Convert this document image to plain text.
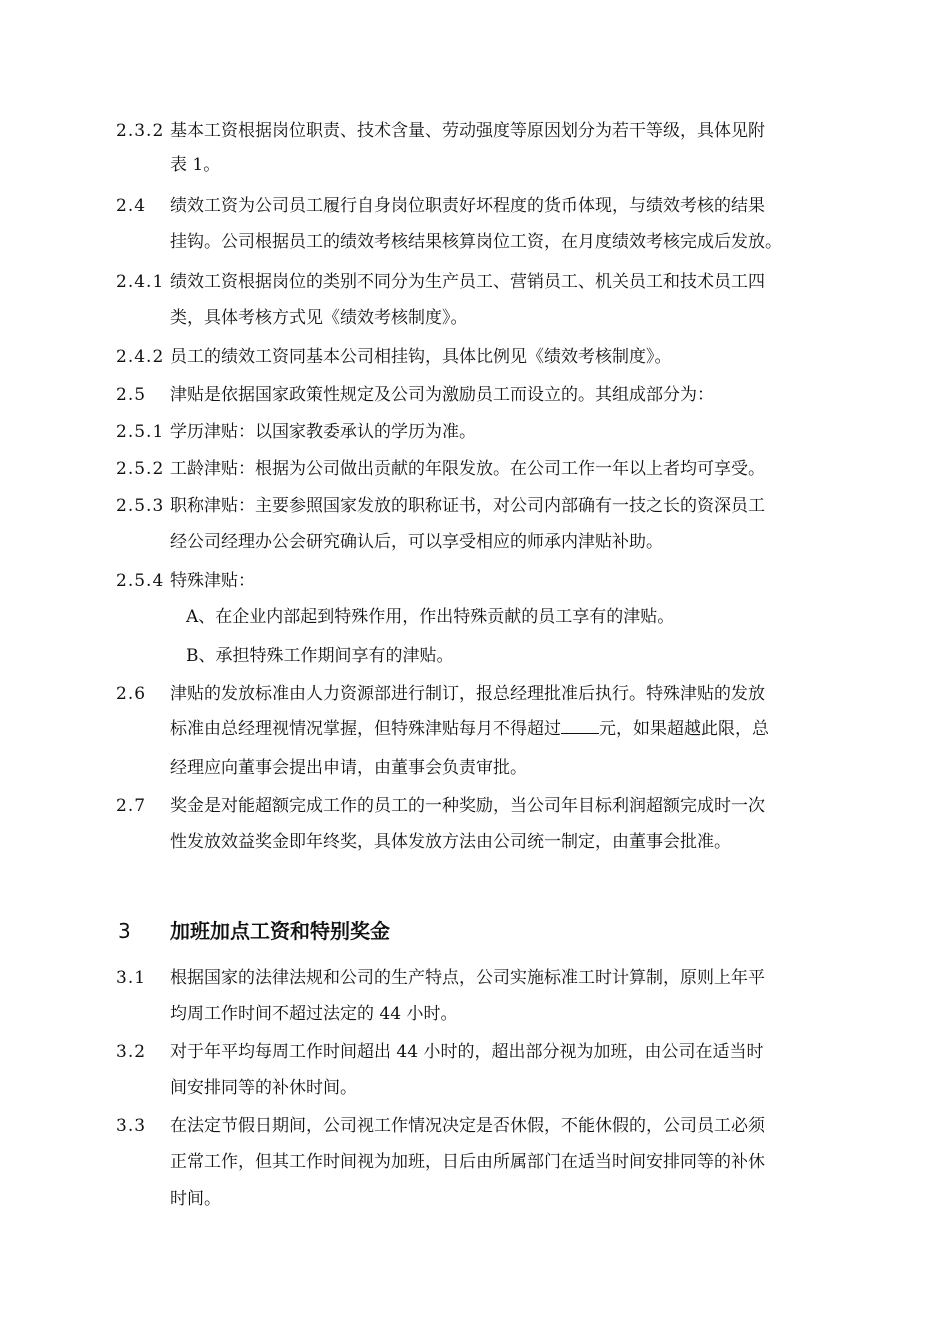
2.3.2 基本工资根据岗位职责、技术含量、劳动强度等原因划分为若干等级，具体见附
表 1。
2.4 绩效工资为公司员工履行自身岗位职责好坏程度的货币体现，与绩效考核的结果
挂钩。公司根据员工的绩效考核结果核算岗位工资，在月度绩效考核完成后发放。
2.4.1 绩效工资根据岗位的类别不同分为生产员工、营销员工、机关员工和技术员工四
类，具体考核方式见《绩效考核制度》。
2.4.2 员工的绩效工资同基本公司相挂钩，具体比例见《绩效考核制度》。
2.5 津贴是依据国家政策性规定及公司为激励员工而设立的。其组成部分为：
2.5.1 学历津贴：以国家教委承认的学历为准。
2.5.2 工龄津贴：根据为公司做出贡献的年限发放。在公司工作一年以上者均可享受。
2.5.3 职称津贴：主要参照国家发放的职称证书，对公司内部确有一技之长的资深员工
经公司经理办公会研究确认后，可以享受相应的师承内津贴补助。
2.5.4 特殊津贴：
A、在企业内部起到特殊作用，作出特殊贡献的员工享有的津贴。
B、承担特殊工作期间享有的津贴。
2.6 津贴的发放标准由人力资源部进行制订，报总经理批准后执行。特殊津贴的发放
标准由总经理视情况掌握，但特殊津贴每月不得超过 元，如果超越此限，总
经理应向董事会提出申请，由董事会负责审批。
2.7 奖金是对能超额完成工作的员工的一种奖励，当公司年目标利润超额完成时一次
性发放效益奖金即年终奖，具体发放方法由公司统一制定，由董事会批准。
3 加班加点工资和特别奖金
3.1 根据国家的法律法规和公司的生产特点，公司实施标准工时计算制，原则上年平
均周工作时间不超过法定的 44 小时。
3.2 对于年平均每周工作时间超出 44 小时的，超出部分视为加班，由公司在适当时
间安排同等的补休时间。
3.3 在法定节假日期间，公司视工作情况决定是否休假，不能休假的，公司员工必须
正常工作，但其工作时间视为加班，日后由所属部门在适当时间安排同等的补休
时间。
